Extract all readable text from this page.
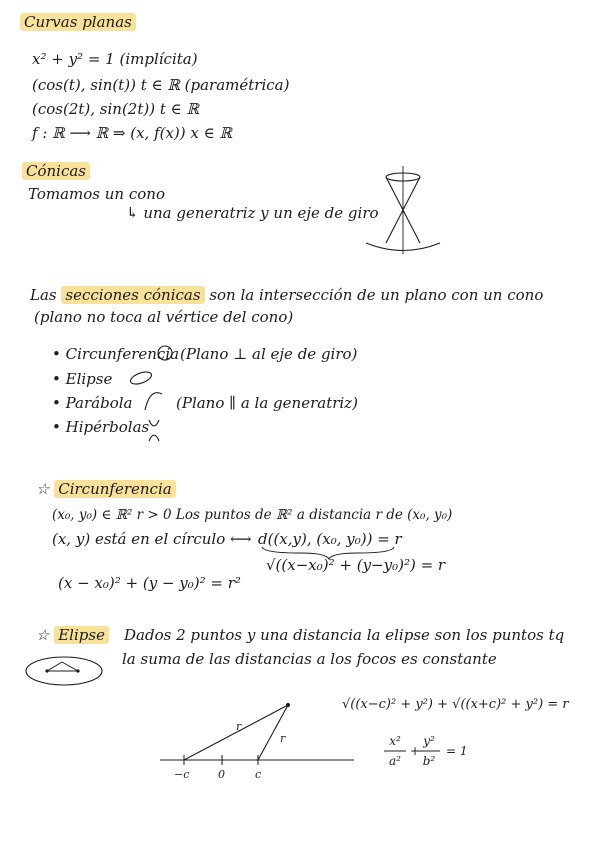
Curvas planas
x² + y² = 1 (implícita)
(cos(t), sin(t)) t ∈ ℝ (paramétrica)
(cos(2t), sin(2t)) t ∈ ℝ
f : ℝ ⟶ ℝ ⇒ (x, f(x)) x ∈ ℝ
Cónicas
Tomamos un cono
↳ una generatriz y un eje de giro
Las secciones cónicas son la intersección de un plano con un cono
(plano no toca al vértice del cono)
• Circunferencia
• Elipse
• Parábola
• Hipérbolas
(Plano ⊥ al eje de giro)
(Plano ∥ a la generatriz)
☆ Circunferencia
(x₀, y₀) ∈ ℝ² r > 0 Los puntos de ℝ² a distancia r de (x₀, y₀)
(x, y) está en el círculo ⟷ d((x,y), (x₀, y₀)) = r
√((x−x₀)² + (y−y₀)²) = r
(x − x₀)² + (y − y₀)² = r²
☆ Elipse Dados 2 puntos y una distancia la elipse son los puntos tq
la suma de las distancias a los focos es constante
√((x−c)² + y²) + √((x+c)² + y²) = r
x²
a²
+
y²
b²
= 1
r
r
−c	0	c
